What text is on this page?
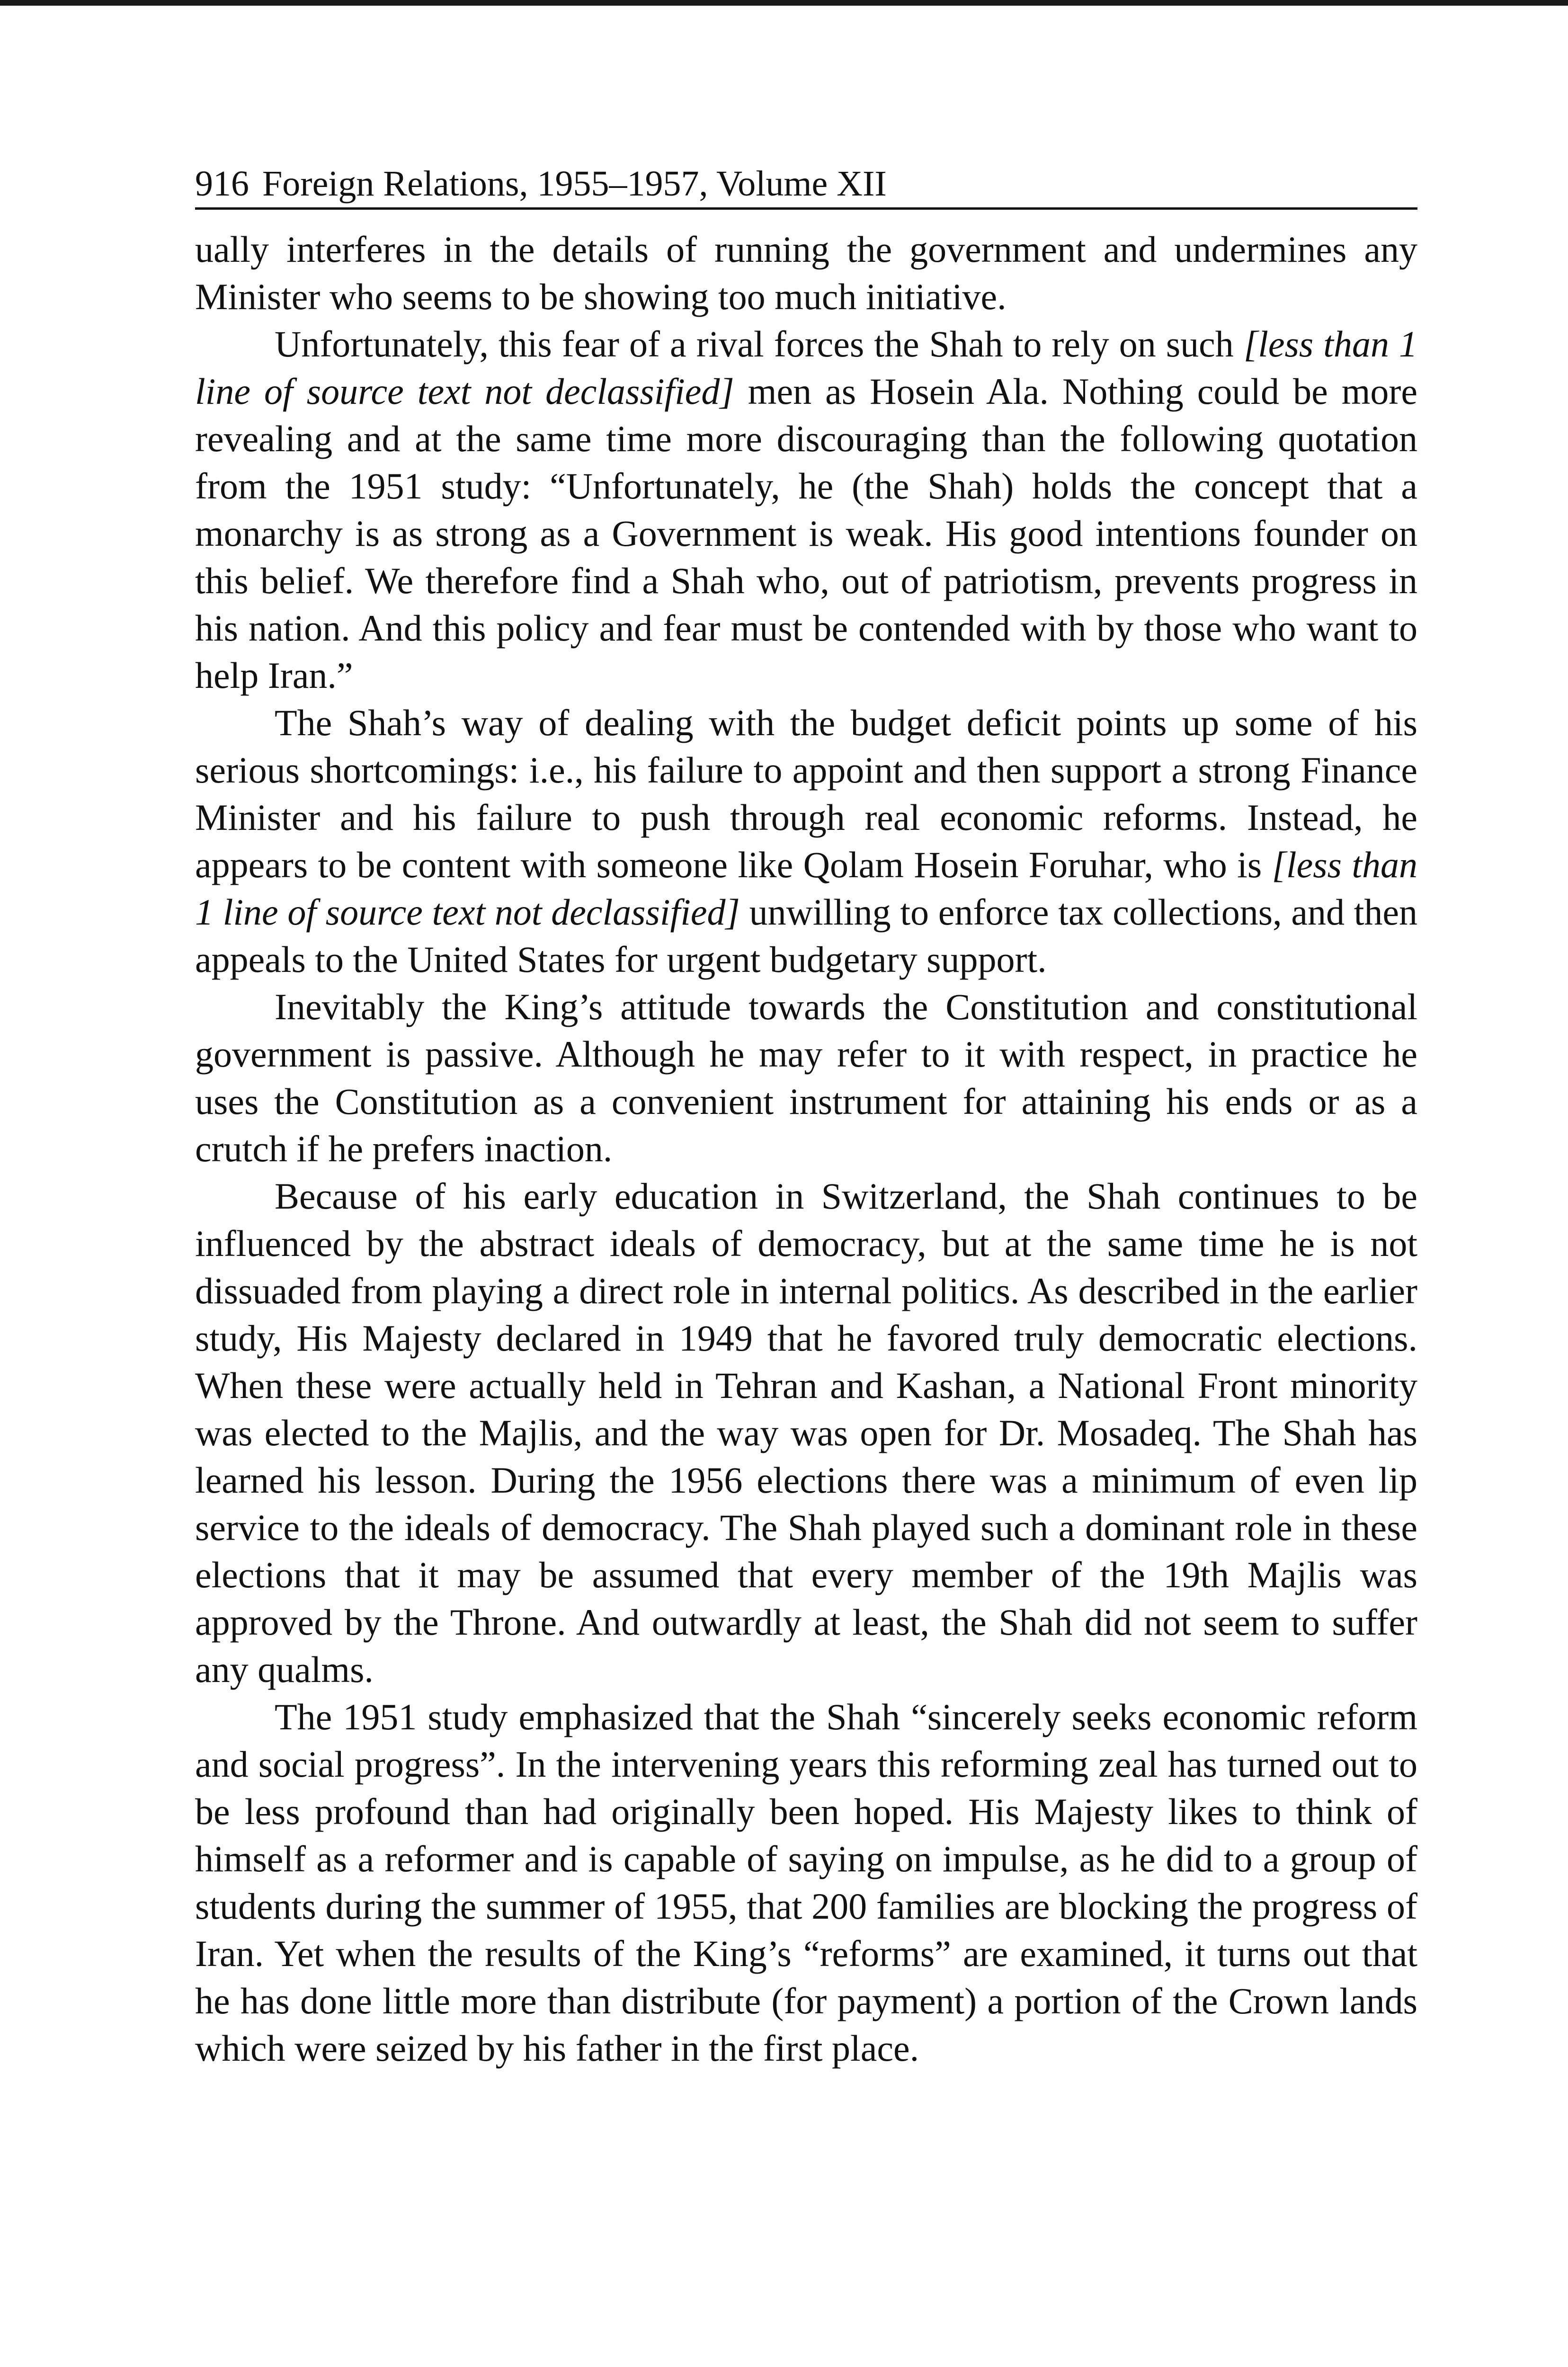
916 Foreign Relations, 1955–1957, Volume XII

ually interferes in the details of running the government and undermines any Minister who seems to be showing too much initiative.

Unfortunately, this fear of a rival forces the Shah to rely on such [less than 1 line of source text not declassified] men as Hosein Ala. Nothing could be more revealing and at the same time more discouraging than the following quotation from the 1951 study: “Unfortunately, he (the Shah) holds the concept that a monarchy is as strong as a Government is weak. His good intentions founder on this belief. We therefore find a Shah who, out of patriotism, prevents progress in his nation. And this policy and fear must be contended with by those who want to help Iran.”

The Shah’s way of dealing with the budget deficit points up some of his serious shortcomings: i.e., his failure to appoint and then support a strong Finance Minister and his failure to push through real economic reforms. Instead, he appears to be content with someone like Qolam Hosein Foruhar, who is [less than 1 line of source text not declassified] unwilling to enforce tax collections, and then appeals to the United States for urgent budgetary support.

Inevitably the King’s attitude towards the Constitution and constitutional government is passive. Although he may refer to it with respect, in practice he uses the Constitution as a convenient instrument for attaining his ends or as a crutch if he prefers inaction.

Because of his early education in Switzerland, the Shah continues to be influenced by the abstract ideals of democracy, but at the same time he is not dissuaded from playing a direct role in internal politics. As described in the earlier study, His Majesty declared in 1949 that he favored truly democratic elections. When these were actually held in Tehran and Kashan, a National Front minority was elected to the Majlis, and the way was open for Dr. Mosadeq. The Shah has learned his lesson. During the 1956 elections there was a minimum of even lip service to the ideals of democracy. The Shah played such a dominant role in these elections that it may be assumed that every member of the 19th Majlis was approved by the Throne. And outwardly at least, the Shah did not seem to suffer any qualms.

The 1951 study emphasized that the Shah “sincerely seeks economic reform and social progress”. In the intervening years this reforming zeal has turned out to be less profound than had originally been hoped. His Majesty likes to think of himself as a reformer and is capable of saying on impulse, as he did to a group of students during the summer of 1955, that 200 families are blocking the progress of Iran. Yet when the results of the King’s “reforms” are examined, it turns out that he has done little more than distribute (for payment) a portion of the Crown lands which were seized by his father in the first place.
